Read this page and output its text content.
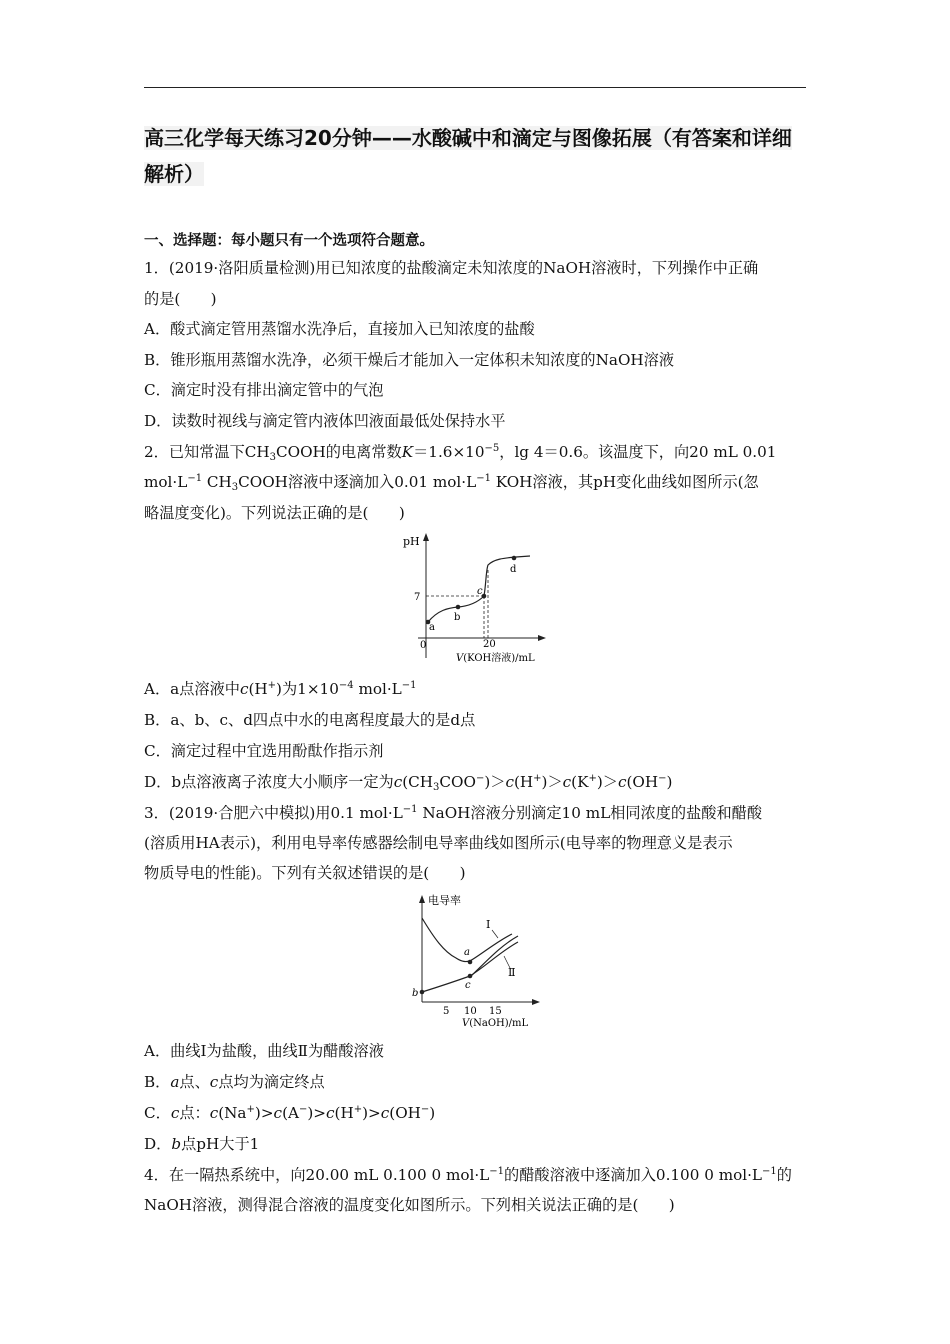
高三化学每天练习20分钟——水酸碱中和滴定与图像拓展（有答案和详细解析）
一、选择题：每小题只有一个选项符合题意。
1．(2019·洛阳质量检测)用已知浓度的盐酸滴定未知浓度的NaOH溶液时，下列操作中正确
的是(　　)
A．酸式滴定管用蒸馏水洗净后，直接加入已知浓度的盐酸
B．锥形瓶用蒸馏水洗净，必须干燥后才能加入一定体积未知浓度的NaOH溶液
C．滴定时没有排出滴定管中的气泡
D．读数时视线与滴定管内液体凹液面最低处保持水平
2．已知常温下$CH_3COOH$的电离常数$K=1.6\times 10^{-5}$，lg 4＝0.6。该温度下，向20 mL 0.01
$mol\cdot L^{-1}$ $CH_3COOH$溶液中逐滴加入0.01 $mol\cdot L^{-1}$ KOH溶液，其pH变化曲线如图所示(忽
略温度变化)。下列说法正确的是(　　)
pH
7
0	20
a
b
c
d
V(KOH溶液)/mL
A．a点溶液中c(H+)为$1\times 10^{-4}$ $mol\cdot L^{-1}$
B．a、b、c、d四点中水的电离程度最大的是d点
C．滴定过程中宜选用酚酞作指示剂
D．b点溶液离子浓度大小顺序一定为$c(CH_3COO^-)>c(H^+)>c(K^+)>c(OH^-)$
3．(2019·合肥六中模拟)用0.1 $mol\cdot L^{-1}$ NaOH溶液分别滴定10 mL相同浓度的盐酸和醋酸
(溶质用HA表示)，利用电导率传感器绘制电导率曲线如图所示(电导率的物理意义是表示
物质导电的性能)。下列有关叙述错误的是(　　)
电导率
a
b
c
Ⅰ
Ⅱ
5 10 15
V(NaOH)/mL
A．曲线Ⅰ为盐酸，曲线Ⅱ为醋酸溶液
B．a点、c点均为滴定终点
C．c点：c(Na+)>c(A−)>c(H+)>c(OH−)
D．b点pH大于1
4．在一隔热系统中，向20.00 mL 0.100 0 $mol\cdot L^{-1}$的醋酸溶液中逐滴加入0.100 0 $mol\cdot L^{-1}$的
NaOH溶液，测得混合溶液的温度变化如图所示。下列相关说法正确的是(　　)
